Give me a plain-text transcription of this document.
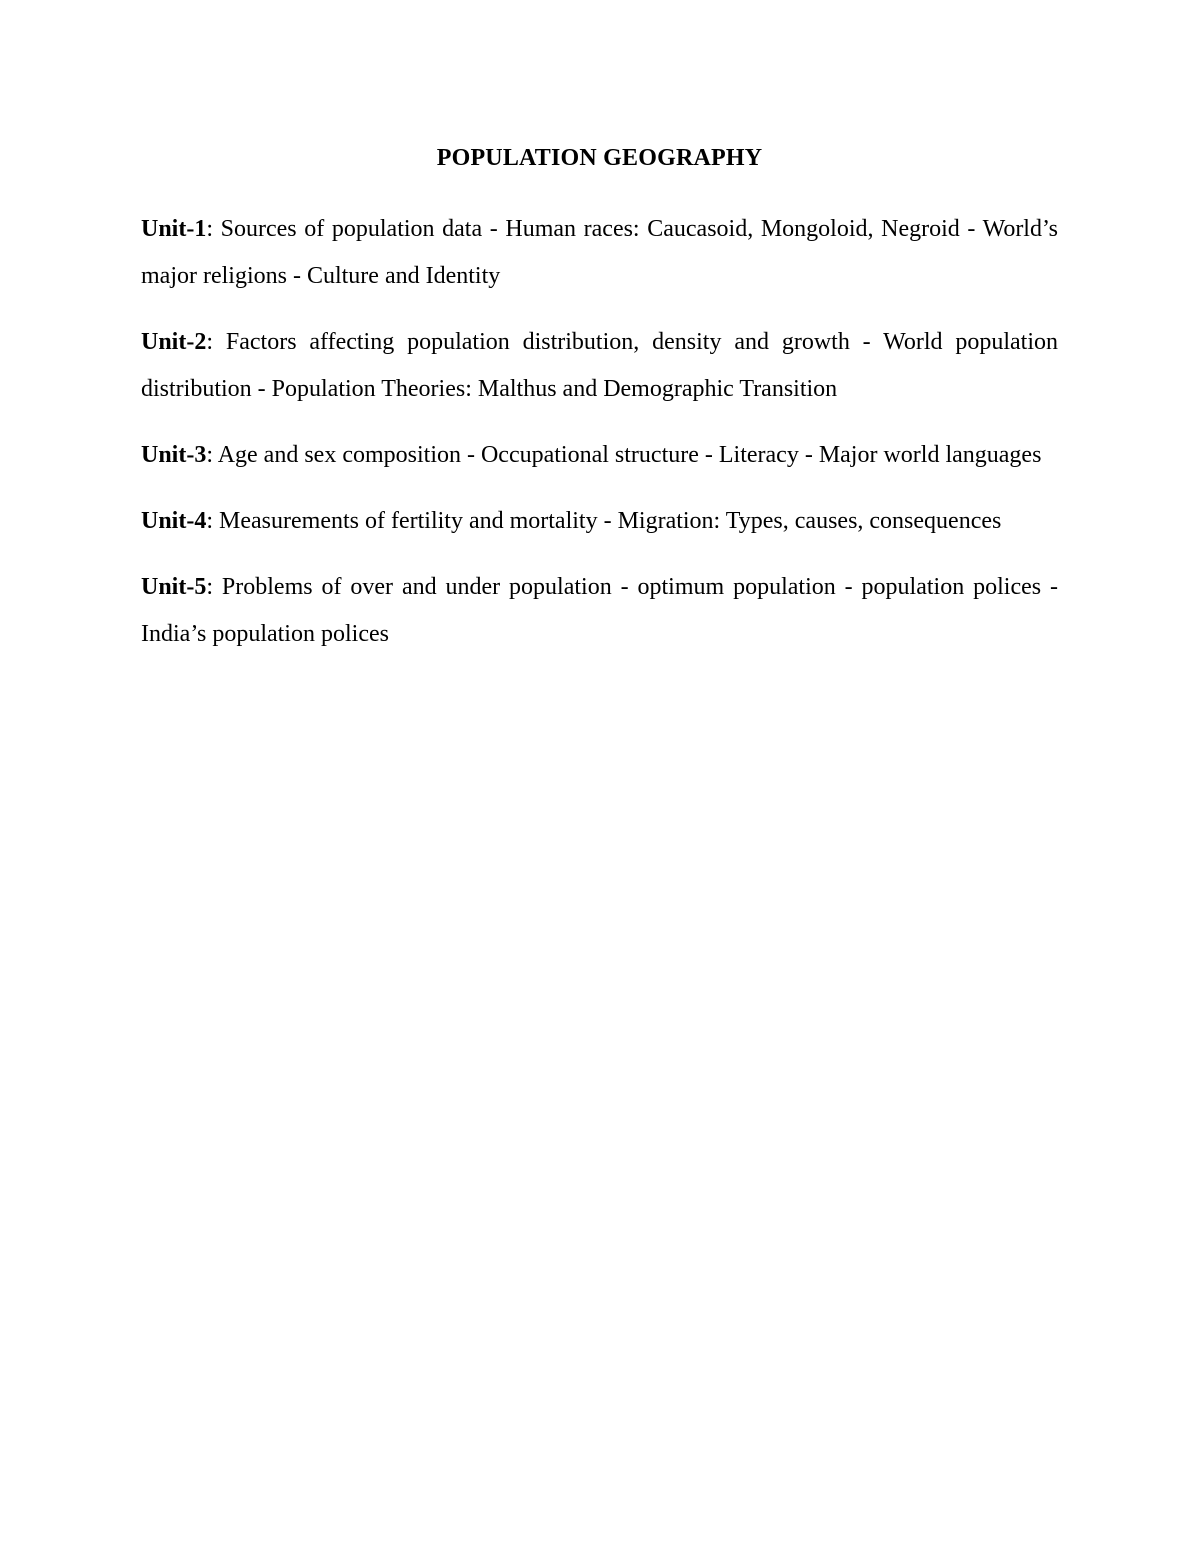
POPULATION GEOGRAPHY

Unit-1: Sources of population data - Human races: Caucasoid, Mongoloid, Negroid - World’s major religions - Culture and Identity

Unit-2: Factors affecting population distribution, density and growth - World population distribution - Population Theories: Malthus and Demographic Transition

Unit-3: Age and sex composition - Occupational structure - Literacy - Major world languages

Unit-4: Measurements of fertility and mortality - Migration: Types, causes, consequences

Unit-5: Problems of over and under population - optimum population - population polices - India’s population polices
